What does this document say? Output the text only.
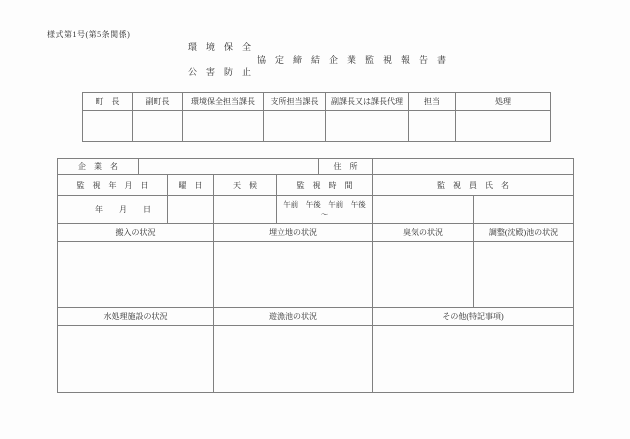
様式第1号(第5条関係)
環　境　保　全
公　害　防　止
協　定　締　結　企　業　監　視　報　告　書
町　長	副町長	環境保全担当課長	支所担当課長	副課長又は課長代理	担当	処理

企　業　名					住　所		
監　視　年　月　日		曜　日	天　候	監　視　時　間		監　視　員　氏　名	
年　　月　　日				午前　午後　午前　午後
～			

搬入の状況			埋立地の状況			臭気の状況	調整(沈殿)池の状況

水処理施設の状況			遊漁池の状況			その他(特記事項)	
